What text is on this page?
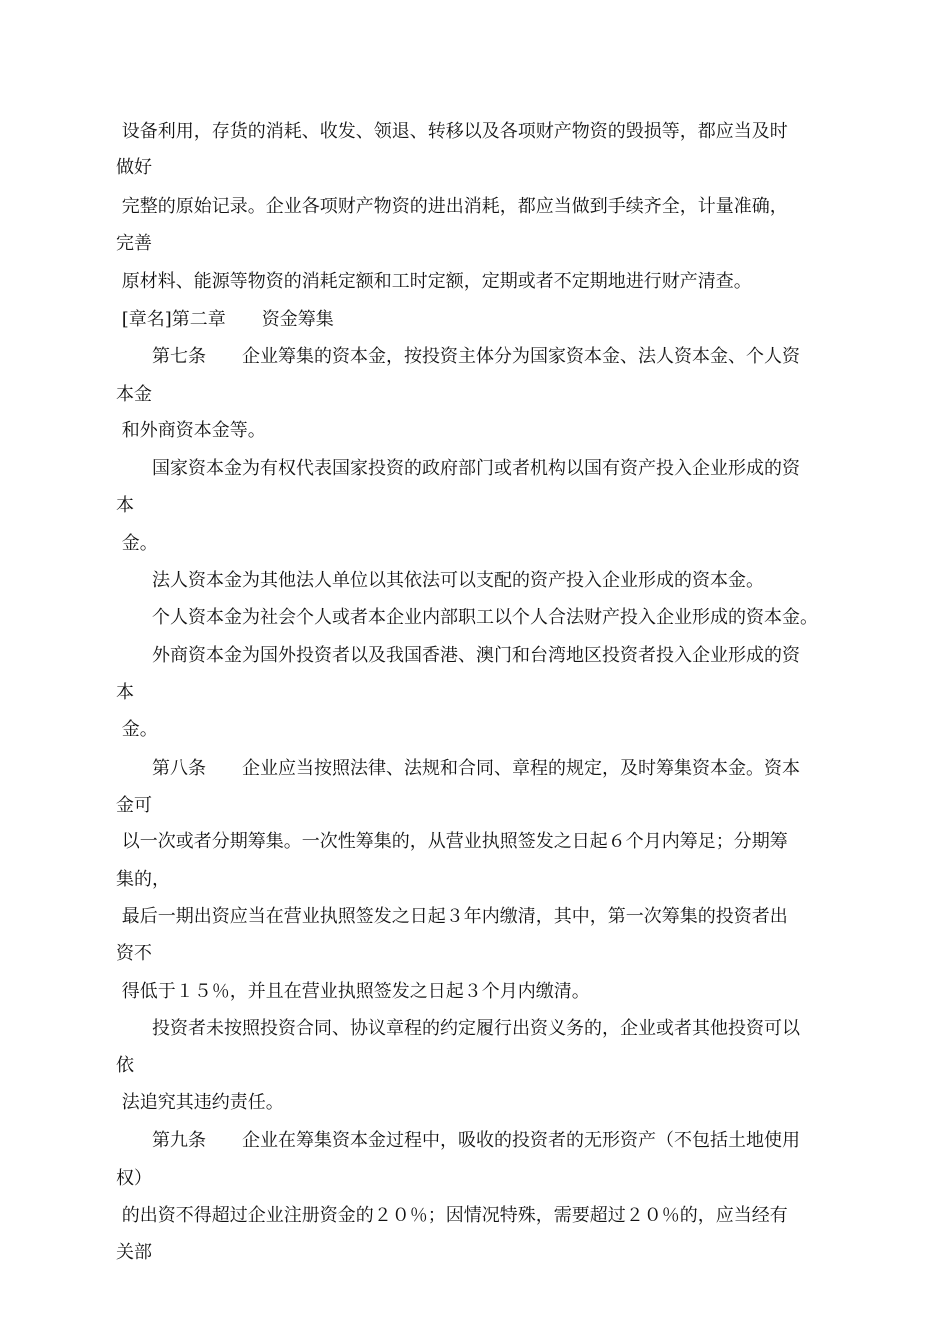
设备利用，存货的消耗、收发、领退、转移以及各项财产物资的毁损等，都应当及时
做好
完整的原始记录。企业各项财产物资的进出消耗，都应当做到手续齐全，计量准确，
完善
原材料、能源等物资的消耗定额和工时定额，定期或者不定期地进行财产清查。
[章名]第二章　　资金筹集
　　第七条　　企业筹集的资本金，按投资主体分为国家资本金、法人资本金、个人资
本金
和外商资本金等。
　　国家资本金为有权代表国家投资的政府部门或者机构以国有资产投入企业形成的资
本
金。
　　法人资本金为其他法人单位以其依法可以支配的资产投入企业形成的资本金。
　　个人资本金为社会个人或者本企业内部职工以个人合法财产投入企业形成的资本金。
　　外商资本金为国外投资者以及我国香港、澳门和台湾地区投资者投入企业形成的资
本
金。
　　第八条　　企业应当按照法律、法规和合同、章程的规定，及时筹集资本金。资本
金可
以一次或者分期筹集。一次性筹集的，从营业执照签发之日起６个月内筹足；分期筹
集的，
最后一期出资应当在营业执照签发之日起３年内缴清，其中，第一次筹集的投资者出
资不
得低于１５％，并且在营业执照签发之日起３个月内缴清。
　　投资者未按照投资合同、协议章程的约定履行出资义务的，企业或者其他投资可以
依
法追究其违约责任。
　　第九条　　企业在筹集资本金过程中，吸收的投资者的无形资产（不包括土地使用
权）
的出资不得超过企业注册资金的２０％；因情况特殊，需要超过２０％的，应当经有
关部
